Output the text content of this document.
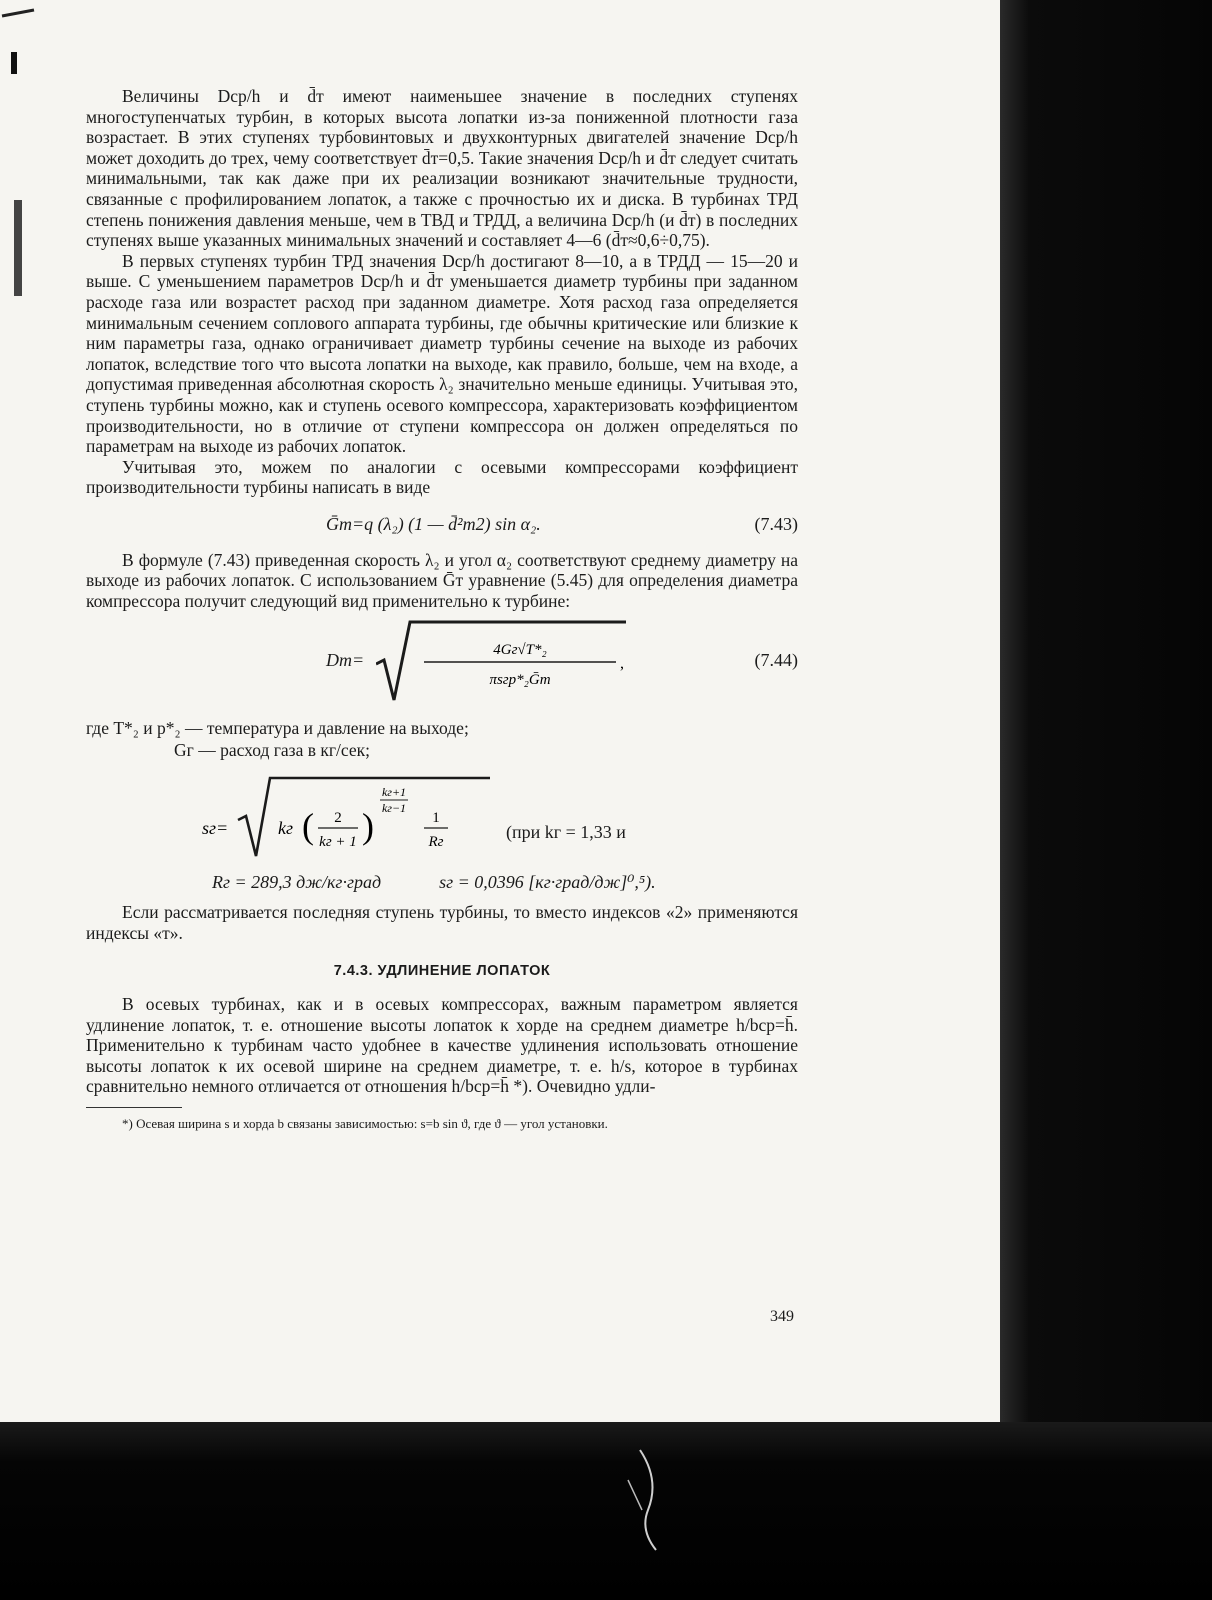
Величины Dср/h и d̄т имеют наименьшее значение в последних ступенях многоступенчатых турбин, в которых высота лопатки из-за пониженной плотности газа возрастает. В этих ступенях турбовинтовых и двухконтурных двигателей значение Dср/h может доходить до трех, чему соответствует d̄т=0,5. Такие значения Dср/h и d̄т следует считать минимальными, так как даже при их реализации возникают значительные трудности, связанные с профилированием лопаток, а также с прочностью их и диска. В турбинах ТРД степень понижения давления меньше, чем в ТВД и ТРДД, а величина Dср/h (и d̄т) в последних ступенях выше указанных минимальных значений и составляет 4—6 (d̄т≈0,6÷0,75).

В первых ступенях турбин ТРД значения Dср/h достигают 8—10, а в ТРДД — 15—20 и выше. С уменьшением параметров Dср/h и d̄т уменьшается диаметр турбины при заданном расходе газа или возрастет расход при заданном диаметре. Хотя расход газа определяется минимальным сечением соплового аппарата турбины, где обычны критические или близкие к ним параметры газа, однако ограничивает диаметр турбины сечение на выходе из рабочих лопаток, вследствие того что высота лопатки на выходе, как правило, больше, чем на входе, а допустимая приведенная абсолютная скорость λ₂ значительно меньше единицы. Учитывая это, ступень турбины можно, как и ступень осевого компрессора, характеризовать коэффициентом производительности, но в отличие от ступени компрессора он должен определяться по параметрам на выходе из рабочих лопаток.

Учитывая это, можем по аналогии с осевыми компрессорами коэффициент производительности турбины написать в виде

Ḡт=q (λ₂) (1 — d̄²т2) sin α₂.	(7.43)

В формуле (7.43) приведенная скорость λ₂ и угол α₂ соответствуют среднему диаметру на выходе из рабочих лопаток. С использованием Ḡт уравнение (5.45) для определения диаметра компрессора получит следующий вид применительно к турбине:

Dт=	4Gг√T*₂
πsгp*₂Ḡт
,	(7.44)
где T*₂ и p*₂ — температура и давление на выходе;
Gг — расход газа в кг/сек;
sг=	kг ( 2
kг + 1 )
kг+1
kг−1
1
Rг	(при kг = 1,33 и
Rг = 289,3 дж/кг·град	sг = 0,0396 [кг·град/дж]⁰,⁵).

Если рассматривается последняя ступень турбины, то вместо индексов «2» применяются индексы «т».

7.4.3. УДЛИНЕНИЕ ЛОПАТОК

В осевых турбинах, как и в осевых компрессорах, важным параметром является удлинение лопаток, т. е. отношение высоты лопаток к хорде на среднем диаметре h/bср=h̄. Применительно к турбинам часто удобнее в качестве удлинения использовать отношение высоты лопаток к их осевой ширине на среднем диаметре, т. е. h/s, которое в турбинах сравнительно немного отличается от отношения h/bср=h̄ *). Очевидно удли-

*) Осевая ширина s и хорда b связаны зависимостью: s=b sin ϑ, где ϑ — угол установки.

349
